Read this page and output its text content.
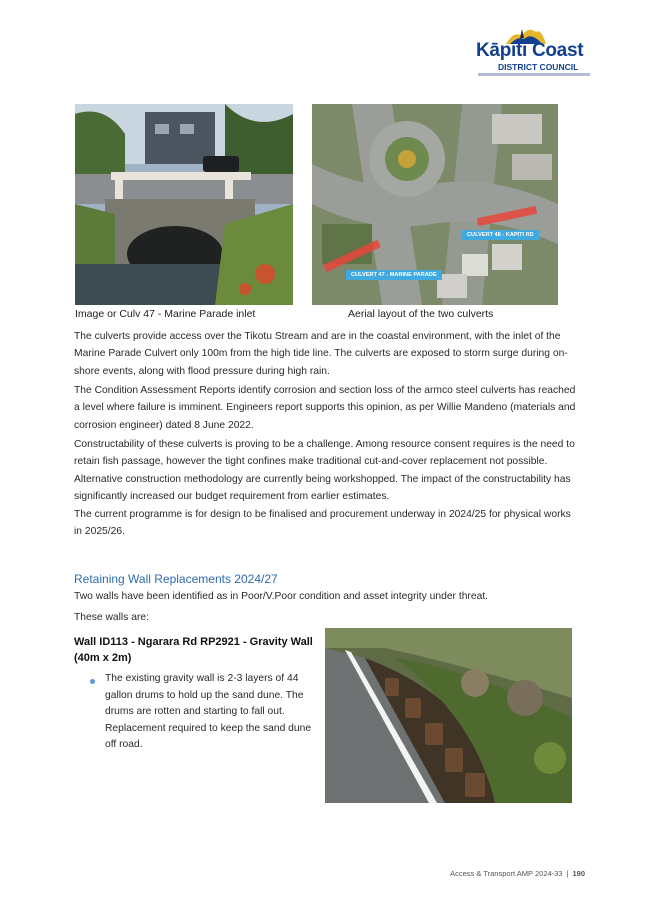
Kāpiti Coast
DISTRICT COUNCIL
CULVERT 48 - KAPITI RD
CULVERT 47 - MARINE PARADE
Image or Culv 47 - Marine Parade inlet	Aerial layout of the two culverts

The culverts provide access over the Tikotu Stream and are in the coastal environment, with the inlet of the Marine Parade Culvert only 100m from the high tide line. The culverts are exposed to storm surge during on-shore events, along with flood pressure during high rain.

The Condition Assessment Reports identify corrosion and section loss of the armco steel culverts has reached a level where failure is imminent. Engineers report supports this opinion, as per Willie Mandeno (materials and corrosion engineer) dated 8 June 2022.

Constructability of these culverts is proving to be a challenge. Among resource consent requires is the need to retain fish passage, however the tight confines make traditional cut-and-cover replacement not possible. Alternative construction methodology are currently being workshopped. The impact of the constructability has significantly increased our budget requirement from earlier estimates.

The current programme is for design to be finalised and procurement underway in 2024/25 for physical works in 2025/26.

Retaining Wall Replacements 2024/27
Two walls have been identified as in Poor/V.Poor condition and asset integrity under threat.
These walls are:
Wall ID113 - Ngarara Rd RP2921 - Gravity Wall (40m x 2m)
The existing gravity wall is 2-3 layers of 44 gallon drums to hold up the sand dune. The drums are rotten and starting to fall out. Replacement required to keep the sand dune off road.
Access & Transport AMP 2024-33 | 190
